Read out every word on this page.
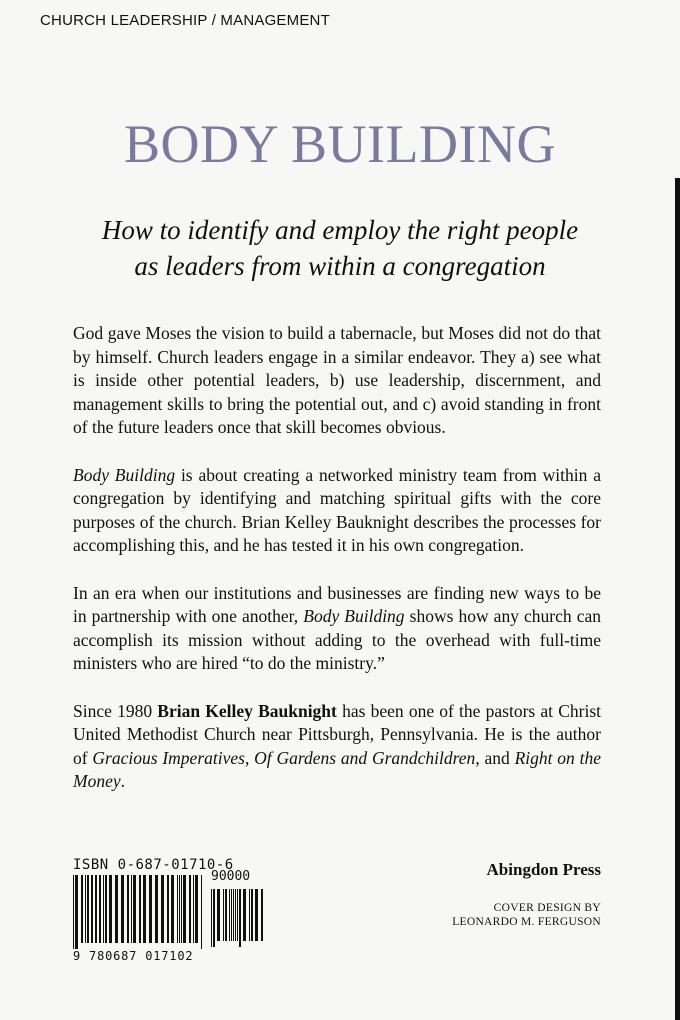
CHURCH LEADERSHIP / MANAGEMENT
BODY BUILDING
How to identify and employ the right people
as leaders from within a congregation

God gave Moses the vision to build a tabernacle, but Moses did not do that by himself. Church leaders engage in a similar endeavor. They a) see what is inside other potential leaders, b) use leadership, discernment, and management skills to bring the potential out, and c) avoid standing in front of the future leaders once that skill becomes obvious.

Body Building is about creating a networked ministry team from within a congregation by identifying and matching spiritual gifts with the core purposes of the church. Brian Kelley Bauknight describes the processes for accomplishing this, and he has tested it in his own congregation.

In an era when our institutions and businesses are finding new ways to be in partnership with one another, Body Building shows how any church can accomplish its mission without adding to the overhead with full-time ministers who are hired “to do the ministry.”

Since 1980 Brian Kelley Bauknight has been one of the pastors at Christ United Methodist Church near Pittsburgh, Pennsylvania. He is the author of Gracious Imperatives, Of Gardens and Grandchildren, and Right on the Money.

ISBN 0-687-01710-6
90000
9 780687 017102
Abingdon Press
COVER DESIGN BY
LEONARDO M. FERGUSON
